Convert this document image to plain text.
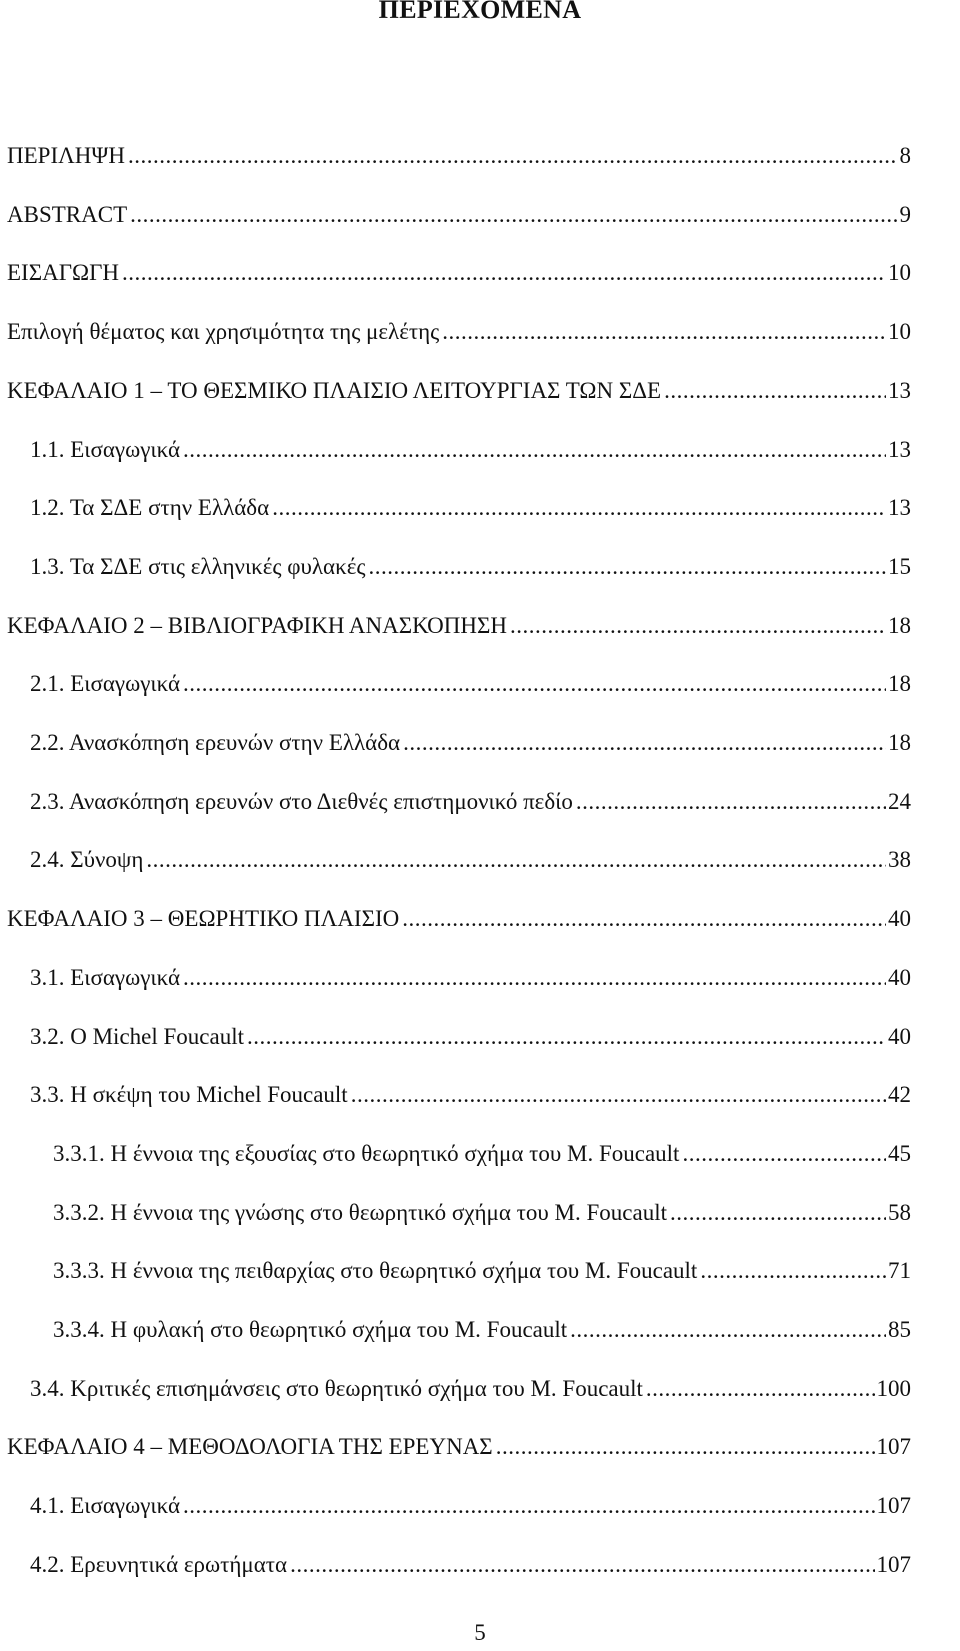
ΠΕΡΙΕΧΟΜΕΝΑ
ΠΕΡΙΛΗΨΗ .....	8
ABSTRACT .....	9
ΕΙΣΑΓΩΓΗ .....	10
Επιλογή θέματος και χρησιμότητα της μελέτης .....	10
ΚΕΦΑΛΑΙΟ 1 – ΤΟ ΘΕΣΜΙΚΟ ΠΛΑΙΣΙΟ ΛΕΙΤΟΥΡΓΙΑΣ ΤΩΝ ΣΔΕ .....	13
1.1. Εισαγωγικά .....	13
1.2. Τα ΣΔΕ στην Ελλάδα .....	13
1.3. Τα ΣΔΕ στις ελληνικές φυλακές .....	15
ΚΕΦΑΛΑΙΟ 2 – ΒΙΒΛΙΟΓΡΑΦΙΚΗ ΑΝΑΣΚΟΠΗΣΗ .....	18
2.1. Εισαγωγικά .....	18
2.2. Ανασκόπηση ερευνών στην Ελλάδα .....	18
2.3. Ανασκόπηση ερευνών στο Διεθνές επιστημονικό πεδίο .....	24
2.4. Σύνοψη .....	38
ΚΕΦΑΛΑΙΟ 3 – ΘΕΩΡΗΤΙΚΟ ΠΛΑΙΣΙΟ .....	40
3.1. Εισαγωγικά .....	40
3.2. Ο Michel Foucault .....	40
3.3. Η σκέψη του Michel Foucault .....	42
3.3.1. Η έννοια της εξουσίας στο θεωρητικό σχήμα του M. Foucault .....	45
3.3.2. Η έννοια της γνώσης στο θεωρητικό σχήμα του M. Foucault .....	58
3.3.3. Η έννοια της πειθαρχίας στο θεωρητικό σχήμα του M. Foucault .....	71
3.3.4. Η φυλακή στο θεωρητικό σχήμα του M. Foucault .....	85
3.4. Κριτικές επισημάνσεις στο θεωρητικό σχήμα του M. Foucault .....	100
ΚΕΦΑΛΑΙΟ 4 – ΜΕΘΟΔΟΛΟΓΙΑ ΤΗΣ ΕΡΕΥΝΑΣ .....	107
4.1. Εισαγωγικά .....	107
4.2. Ερευνητικά ερωτήματα .....	107
5
